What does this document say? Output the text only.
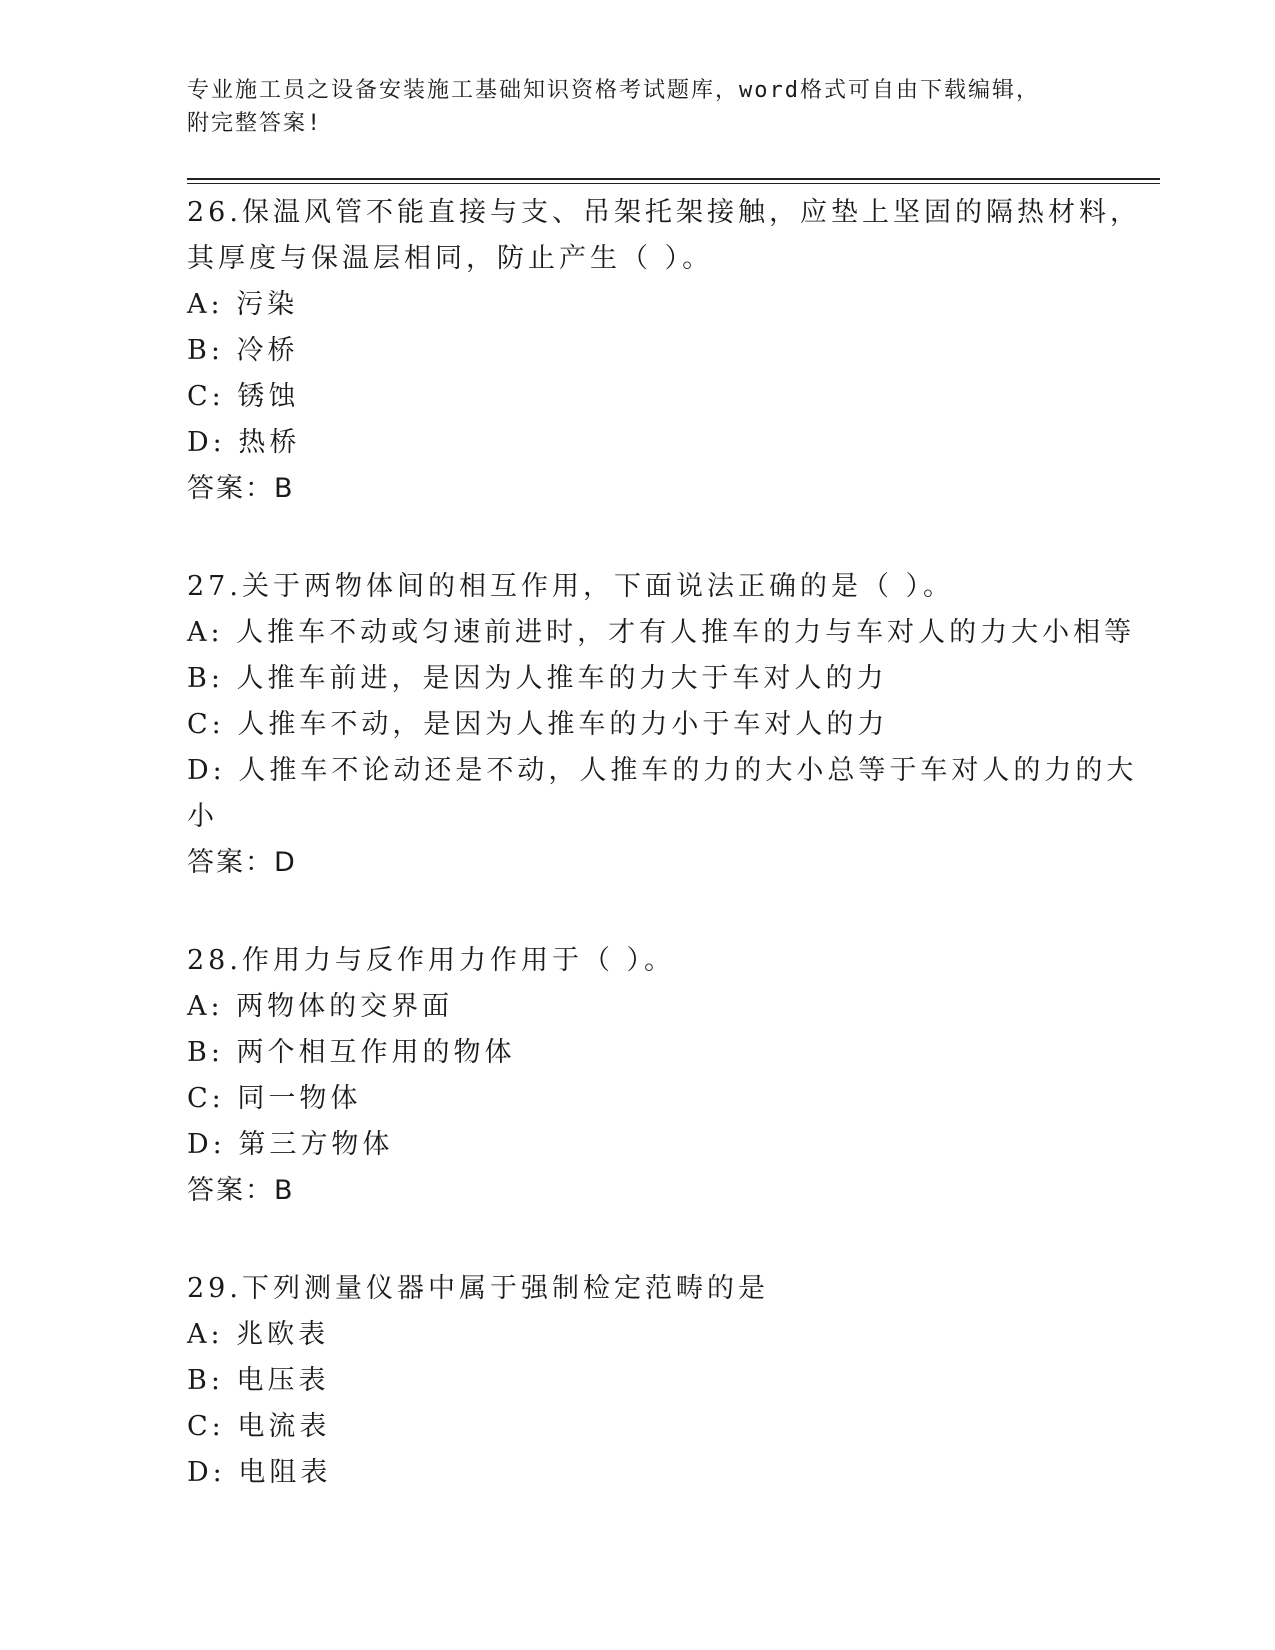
专业施工员之设备安装施工基础知识资格考试题库，word格式可自由下载编辑，
附完整答案!
26.保温风管不能直接与支、吊架托架接触，应垫上坚固的隔热材料，
其厚度与保温层相同，防止产生（ ）。
A: 污染
B: 冷桥
C: 锈蚀
D: 热桥
答案：B
27.关于两物体间的相互作用，下面说法正确的是（ ）。
A: 人推车不动或匀速前进时，才有人推车的力与车对人的力大小相等
B: 人推车前进，是因为人推车的力大于车对人的力
C: 人推车不动，是因为人推车的力小于车对人的力
D: 人推车不论动还是不动，人推车的力的大小总等于车对人的力的大
小
答案：D
28.作用力与反作用力作用于（ ）。
A: 两物体的交界面
B: 两个相互作用的物体
C: 同一物体
D: 第三方物体
答案：B
29.下列测量仪器中属于强制检定范畴的是
A: 兆欧表
B: 电压表
C: 电流表
D: 电阻表
